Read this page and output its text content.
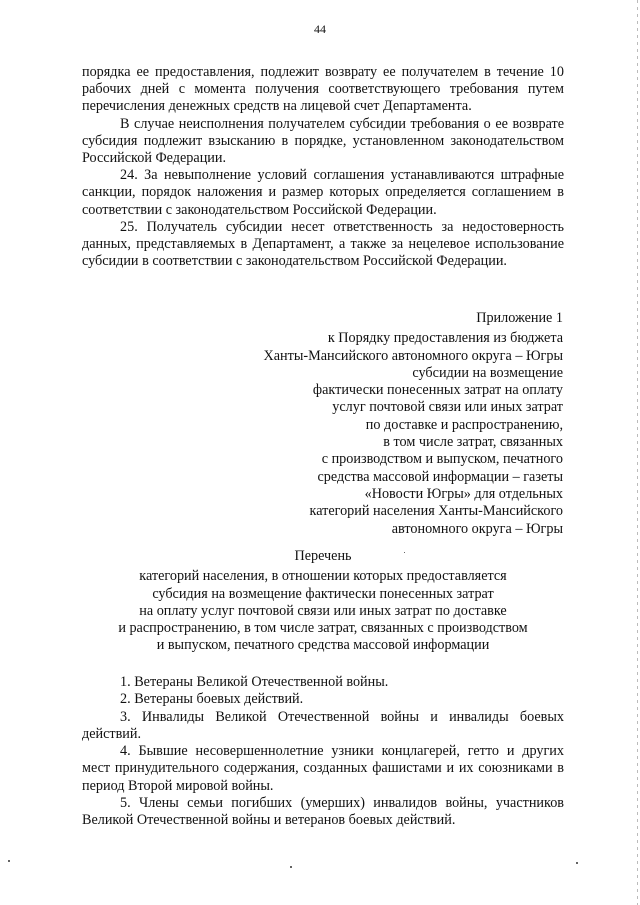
44

порядка ее предоставления, подлежит возврату ее получателем в течение 10 рабочих дней с момента получения соответствующего требования путем перечисления денежных средств на лицевой счет Департамента.

В случае неисполнения получателем субсидии требования о ее возврате субсидия подлежит взысканию в порядке, установленном законодательством Российской Федерации.

24. За невыполнение условий соглашения устанавливаются штрафные санкции, порядок наложения и размер которых определяется соглашением в соответствии с законодательством Российской Федерации.

25. Получатель субсидии несет ответственность за недостоверность данных, представляемых в Департамент, а также за нецелевое использование субсидии в соответствии с законодательством Российской Федерации.

Приложение 1
к Порядку предоставления из бюджета
Ханты-Мансийского автономного округа – Югры
субсидии на возмещение
фактически понесенных затрат на оплату
услуг почтовой связи или иных затрат
по доставке и распространению,
в том числе затрат, связанных
с производством и выпуском, печатного
средства массовой информации – газеты
«Новости Югры» для отдельных
категорий населения Ханты-Мансийского
автономного округа – Югры
Перечень
категорий населения, в отношении которых предоставляется
субсидия на возмещение фактически понесенных затрат
на оплату услуг почтовой связи или иных затрат по доставке
и распространению, в том числе затрат, связанных с производством
и выпуском, печатного средства массовой информации

1. Ветераны Великой Отечественной войны.

2. Ветераны боевых действий.

3. Инвалиды Великой Отечественной войны и инвалиды боевых действий.

4. Бывшие несовершеннолетние узники концлагерей, гетто и других мест принудительного содержания, созданных фашистами и их союзниками в период Второй мировой войны.

5. Члены семьи погибших (умерших) инвалидов войны, участников Великой Отечественной войны и ветеранов боевых действий.
